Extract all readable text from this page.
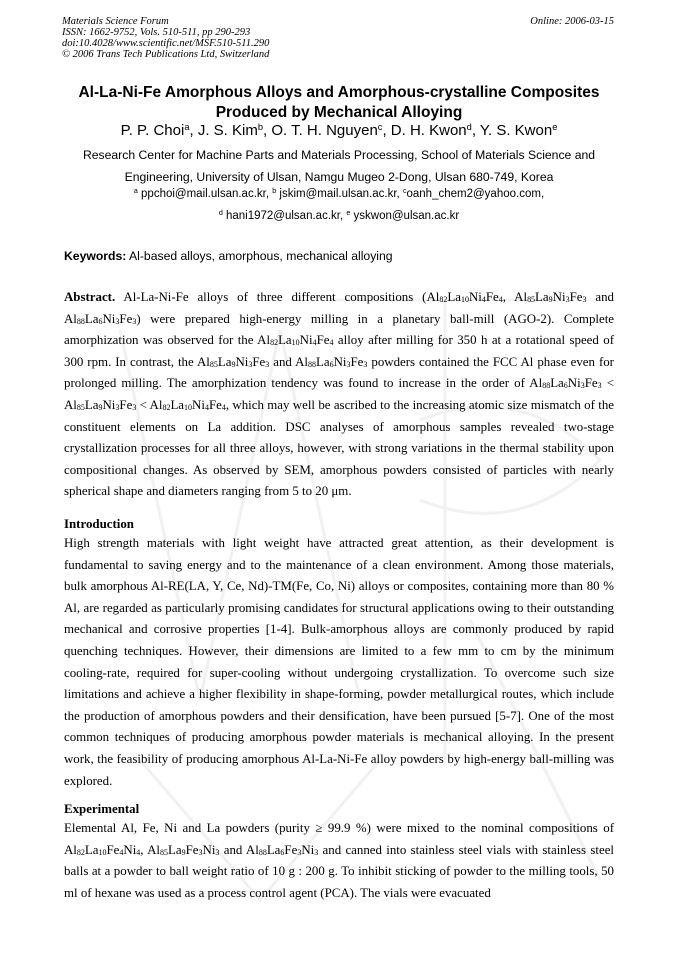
Materials Science Forum
ISSN: 1662-9752, Vols. 510-511, pp 290-293
doi:10.4028/www.scientific.net/MSF.510-511.290
© 2006 Trans Tech Publications Ltd, Switzerland
Online: 2006-03-15
Al-La-Ni-Fe Amorphous Alloys and Amorphous-crystalline Composites
Produced by Mechanical Alloying
P. P. Choi$^a$, J. S. Kim$^b$, O. T. H. Nguyen$^c$, D. H. Kwon$^d$, Y. S. Kwon$^e$
Research Center for Machine Parts and Materials Processing, School of Materials Science and
Engineering, University of Ulsan, Namgu Mugeo 2-Dong, Ulsan 680-749, Korea
$^a$ ppchoi@mail.ulsan.ac.kr, $^b$ jskim@mail.ulsan.ac.kr, $^c$oanh_chem2@yahoo.com,
$^d$ hani1972@ulsan.ac.kr, $^e$ yskwon@ulsan.ac.kr
Keywords: Al-based alloys, amorphous, mechanical alloying
Abstract. Al-La-Ni-Fe alloys of three different compositions ($Al_{82}La_{10}Ni_4Fe_4$, $Al_{85}La_9Ni_3Fe_3$ and $Al_{88}La_6Ni_3Fe_3$) were prepared high-energy milling in a planetary ball-mill (AGO-2). Complete amorphization was observed for the $Al_{82}La_{10}Ni_4Fe_4$ alloy after milling for 350 h at a rotational speed of 300 rpm. In contrast, the $Al_{85}La_9Ni_3Fe_3$ and $Al_{88}La_6Ni_3Fe_3$ powders contained the FCC Al phase even for prolonged milling. The amorphization tendency was found to increase in the order of $Al_{88}La_6Ni_3Fe_3 < Al_{85}La_9Ni_3Fe_3 < Al_{82}La_{10}Ni_4Fe_4$, which may well be ascribed to the increasing atomic size mismatch of the constituent elements on La addition. DSC analyses of amorphous samples revealed two-stage crystallization processes for all three alloys, however, with strong variations in the thermal stability upon compositional changes. As observed by SEM, amorphous powders consisted of particles with nearly spherical shape and diameters ranging from 5 to 20 μm.
Introduction
High strength materials with light weight have attracted great attention, as their development is fundamental to saving energy and to the maintenance of a clean environment. Among those materials, bulk amorphous Al-RE(LA, Y, Ce, Nd)-TM(Fe, Co, Ni) alloys or composites, containing more than 80 % Al, are regarded as particularly promising candidates for structural applications owing to their outstanding mechanical and corrosive properties [1-4]. Bulk-amorphous alloys are commonly produced by rapid quenching techniques. However, their dimensions are limited to a few mm to cm by the minimum cooling-rate, required for super-cooling without undergoing crystallization. To overcome such size limitations and achieve a higher flexibility in shape-forming, powder metallurgical routes, which include the production of amorphous powders and their densification, have been pursued [5-7]. One of the most common techniques of producing amorphous powder materials is mechanical alloying. In the present work, the feasibility of producing amorphous Al-La-Ni-Fe alloy powders by high-energy ball-milling was explored.
Experimental
Elemental Al, Fe, Ni and La powders (purity ≥ 99.9 %) were mixed to the nominal compositions of $Al_{82}La_{10}Fe_4Ni_4$, $Al_{85}La_9Fe_3Ni_3$ and $Al_{88}La_6Fe_3Ni_3$ and canned into stainless steel vials with stainless steel balls at a powder to ball weight ratio of 10 g : 200 g. To inhibit sticking of powder to the milling tools, 50 ml of hexane was used as a process control agent (PCA). The vials were evacuated
